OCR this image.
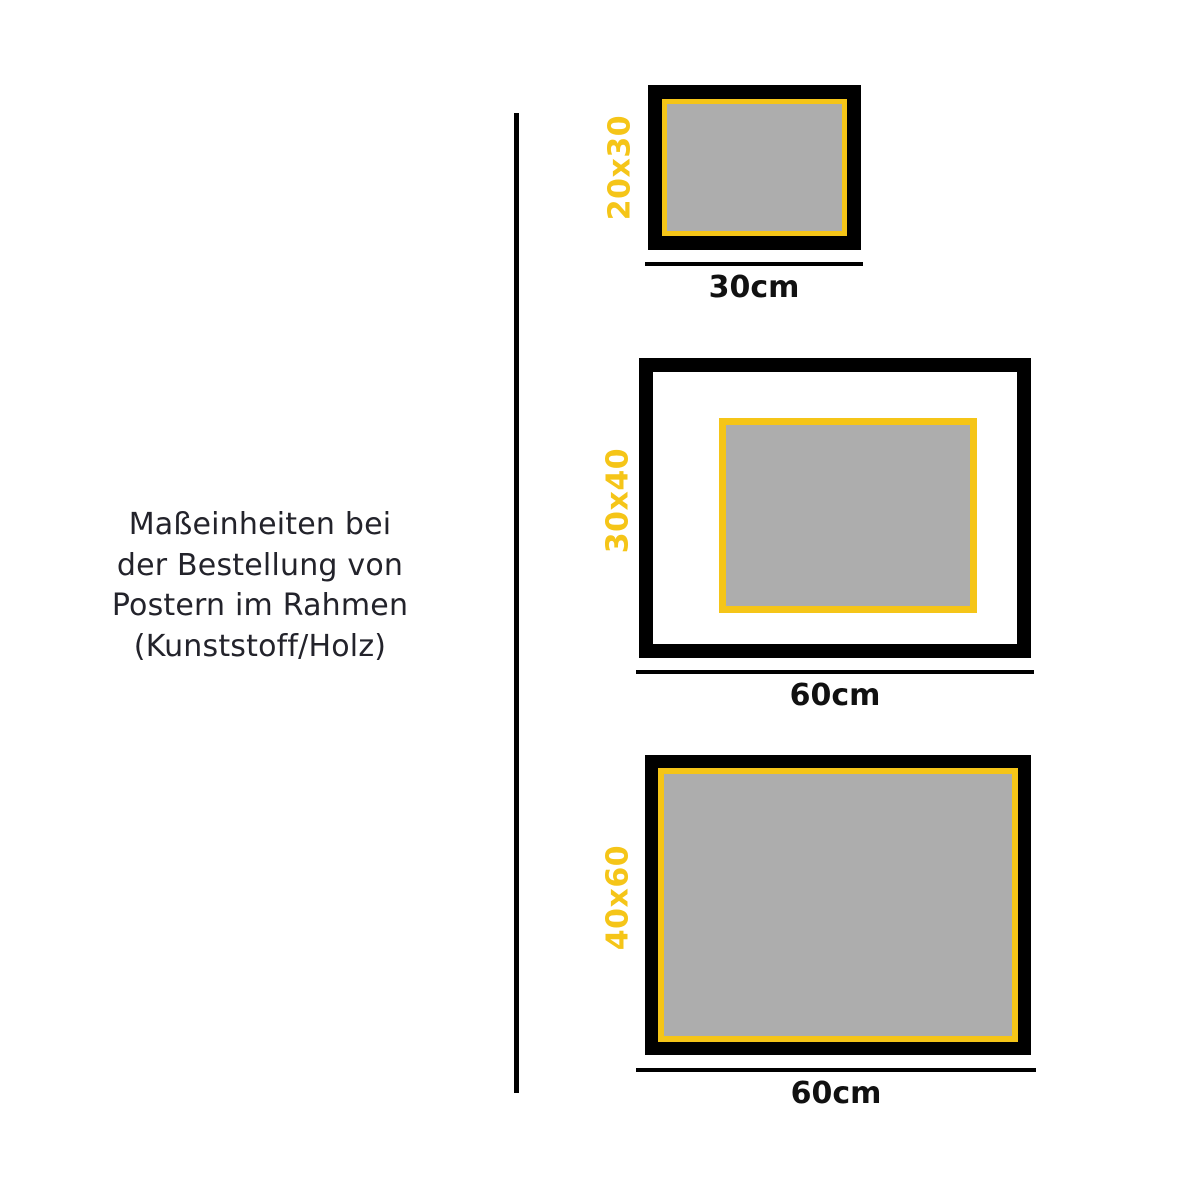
Maßeinheiten bei
der Bestellung von
Postern im Rahmen
(Kunststoff/Holz)
20x30
30cm
30x40
60cm
40x60
60cm
